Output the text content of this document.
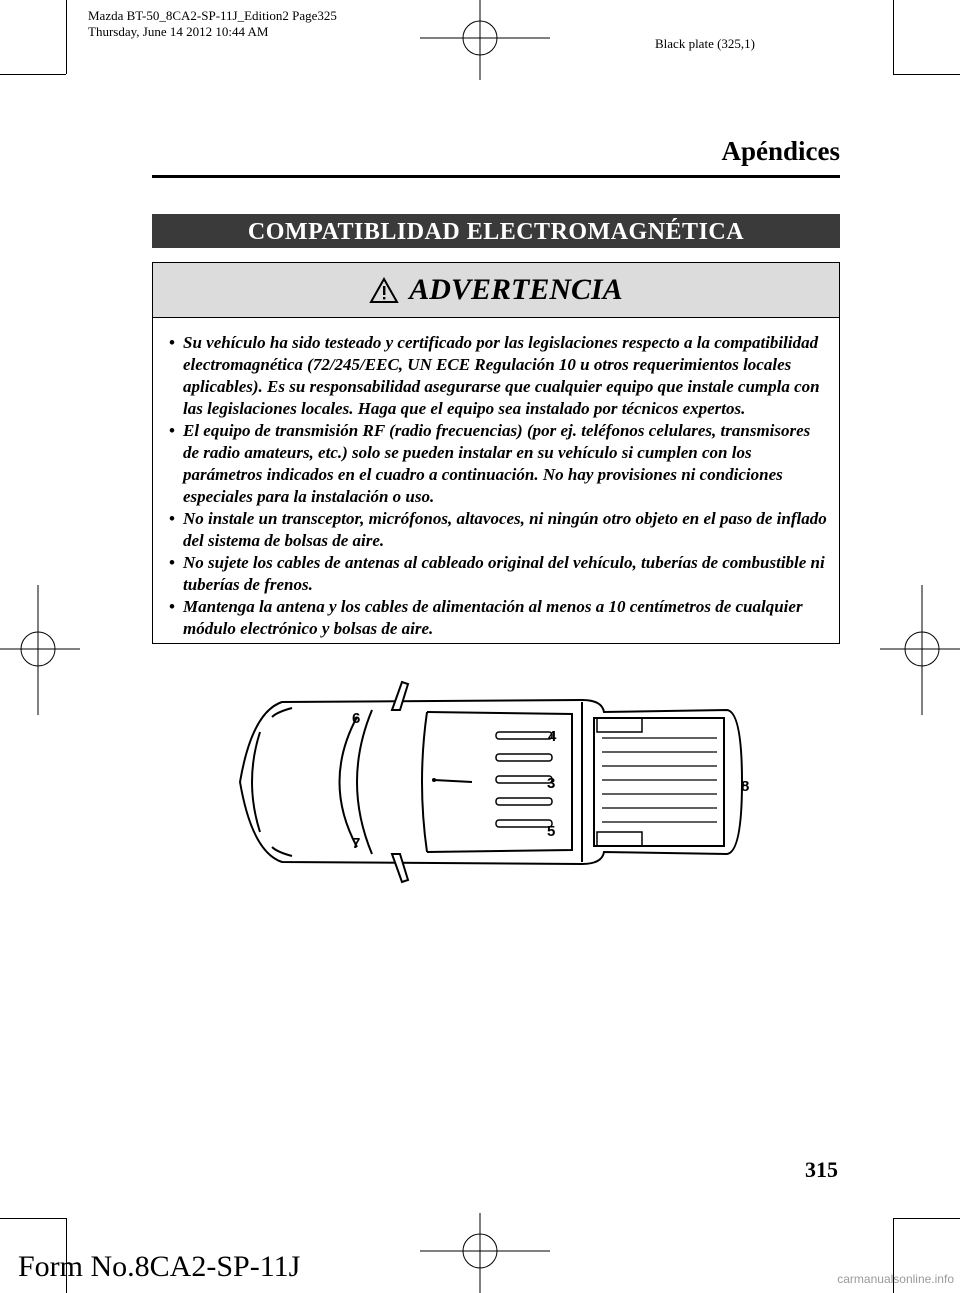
Mazda BT-50_8CA2-SP-11J_Edition2 Page325
Thursday, June 14 2012 10:44 AM
Black plate (325,1)
Apéndices
COMPATIBLIDAD ELECTROMAGNÉTICA
ADVERTENCIA
• Su vehículo ha sido testeado y certificado por las legislaciones respecto a la compatibilidad electromagnética (72/245/EEC, UN ECE Regulación 10 u otros requerimientos locales aplicables). Es su responsabilidad asegurarse que cualquier equipo que instale cumpla con las legislaciones locales. Haga que el equipo sea instalado por técnicos expertos.
• El equipo de transmisión RF (radio frecuencias) (por ej. teléfonos celulares, transmisores de radio amateurs, etc.) solo se pueden instalar en su vehículo si cumplen con los parámetros indicados en el cuadro a continuación. No hay provisiones ni condiciones especiales para la instalación o uso.
• No instale un transceptor, micrófonos, altavoces, ni ningún otro objeto en el paso de inflado del sistema de bolsas de aire.
• No sujete los cables de antenas al cableado original del vehículo, tuberías de combustible ni tuberías de frenos.
• Mantenga la antena y los cables de alimentación al menos a 10 centímetros de cualquier módulo electrónico y bolsas de aire.
6
4
3	8
7
5
315
Form No.8CA2-SP-11J	carmanualsonline.info
